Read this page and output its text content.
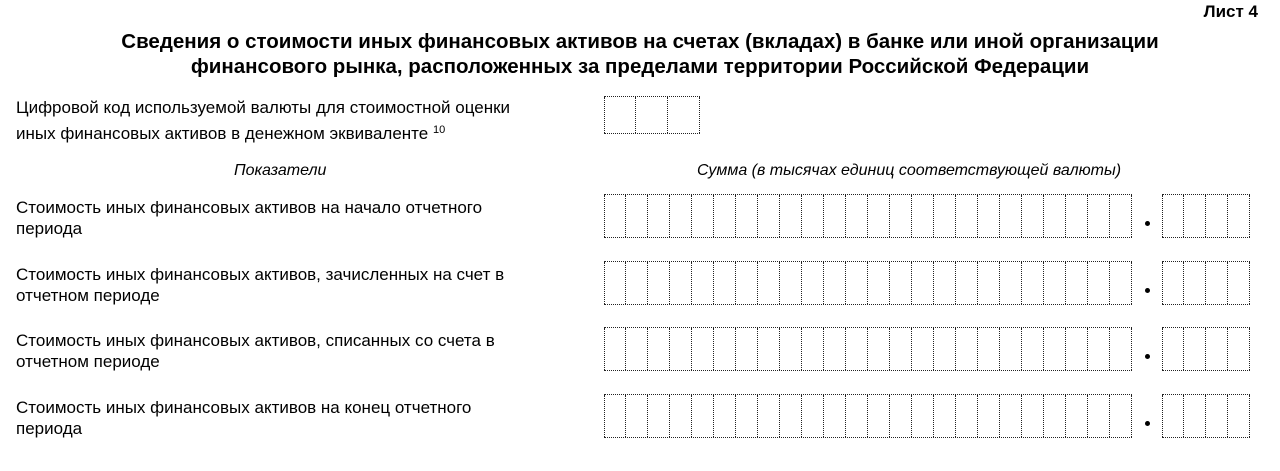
Лист 4
Сведения о стоимости иных финансовых активов на счетах (вкладах) в банке или иной организации
финансового рынка, расположенных за пределами территории Российской Федерации
Цифровой код используемой валюты для стоимостной оценки
иных финансовых активов в денежном эквиваленте $^{10}$
Показатели	Сумма (в тысячах единиц соответствующей валюты)
Стоимость иных финансовых активов на начало отчетного
периода
Стоимость иных финансовых активов, зачисленных на счет в
отчетном периоде
Стоимость иных финансовых активов, списанных со счета в
отчетном периоде
Стоимость иных финансовых активов на конец отчетного
периода
